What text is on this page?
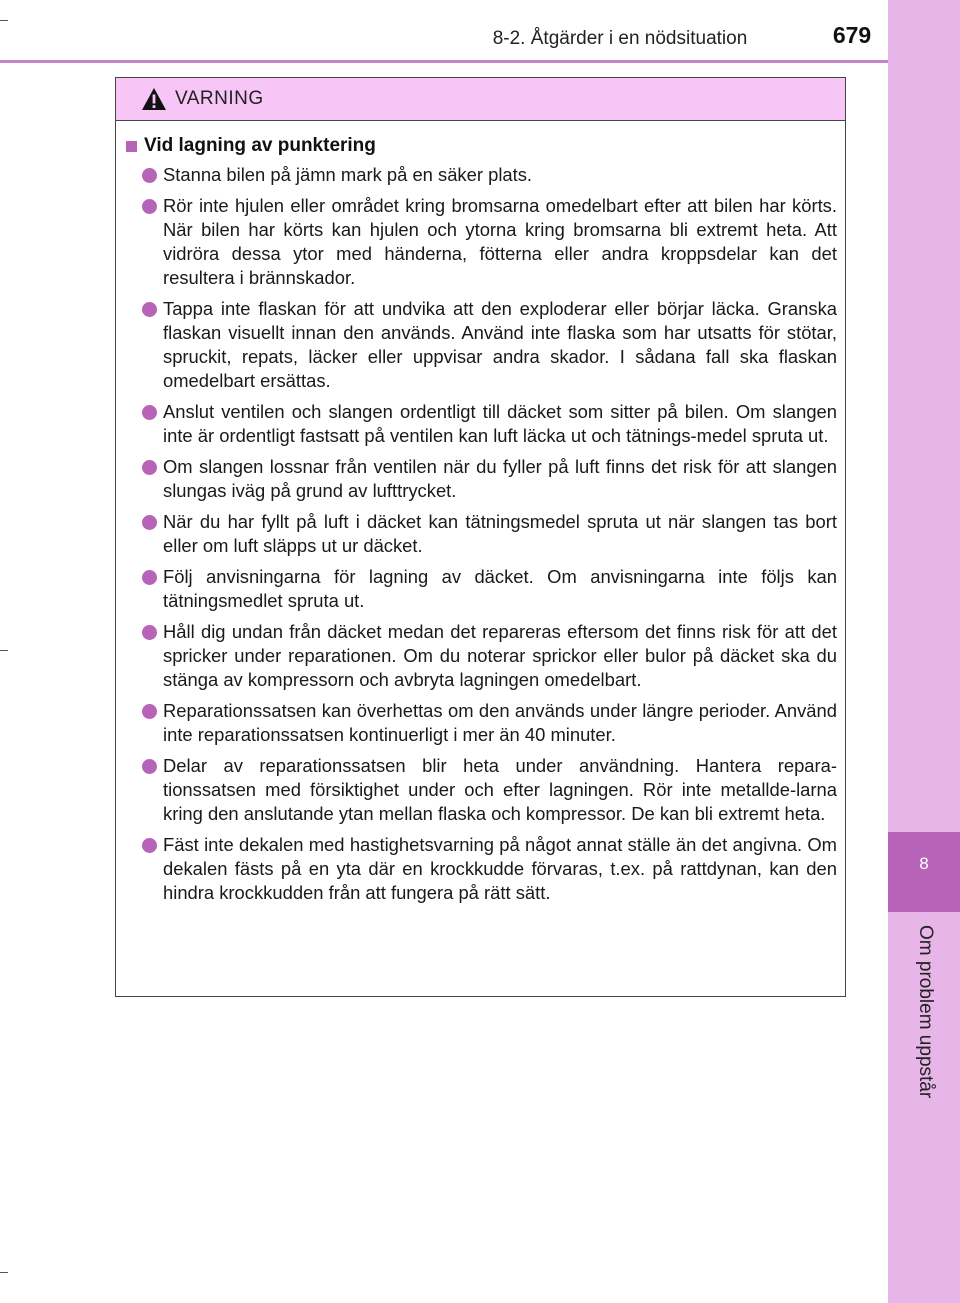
8-2. Åtgärder i en nödsituation	679
8
Om problem uppstår
VARNING
Vid lagning av punktering
Stanna bilen på jämn mark på en säker plats.
Rör inte hjulen eller området kring bromsarna omedelbart efter att bilen har körts. När bilen har körts kan hjulen och ytorna kring bromsarna bli extremt heta. Att vidröra dessa ytor med händerna, fötterna eller andra kroppsdelar kan det resultera i brännskador.
Tappa inte flaskan för att undvika att den exploderar eller börjar läcka. Granska flaskan visuellt innan den används. Använd inte flaska som har utsatts för stötar, spruckit, repats, läcker eller uppvisar andra skador. I sådana fall ska flaskan omedelbart ersättas.
Anslut ventilen och slangen ordentligt till däcket som sitter på bilen. Om slangen inte är ordentligt fastsatt på ventilen kan luft läcka ut och tätnings-medel spruta ut.
Om slangen lossnar från ventilen när du fyller på luft finns det risk för att slangen slungas iväg på grund av lufttrycket.
När du har fyllt på luft i däcket kan tätningsmedel spruta ut när slangen tas bort eller om luft släpps ut ur däcket.
Följ anvisningarna för lagning av däcket. Om anvisningarna inte följs kan tätningsmedlet spruta ut.
Håll dig undan från däcket medan det repareras eftersom det finns risk för att det spricker under reparationen. Om du noterar sprickor eller bulor på däcket ska du stänga av kompressorn och avbryta lagningen omedelbart.
Reparationssatsen kan överhettas om den används under längre perioder. Använd inte reparationssatsen kontinuerligt i mer än 40 minuter.
Delar av reparationssatsen blir heta under användning. Hantera repara-tionssatsen med försiktighet under och efter lagningen. Rör inte metallde-larna kring den anslutande ytan mellan flaska och kompressor. De kan bli extremt heta.
Fäst inte dekalen med hastighetsvarning på något annat ställe än det angivna. Om dekalen fästs på en yta där en krockkudde förvaras, t.ex. på rattdynan, kan den hindra krockkudden från att fungera på rätt sätt.
